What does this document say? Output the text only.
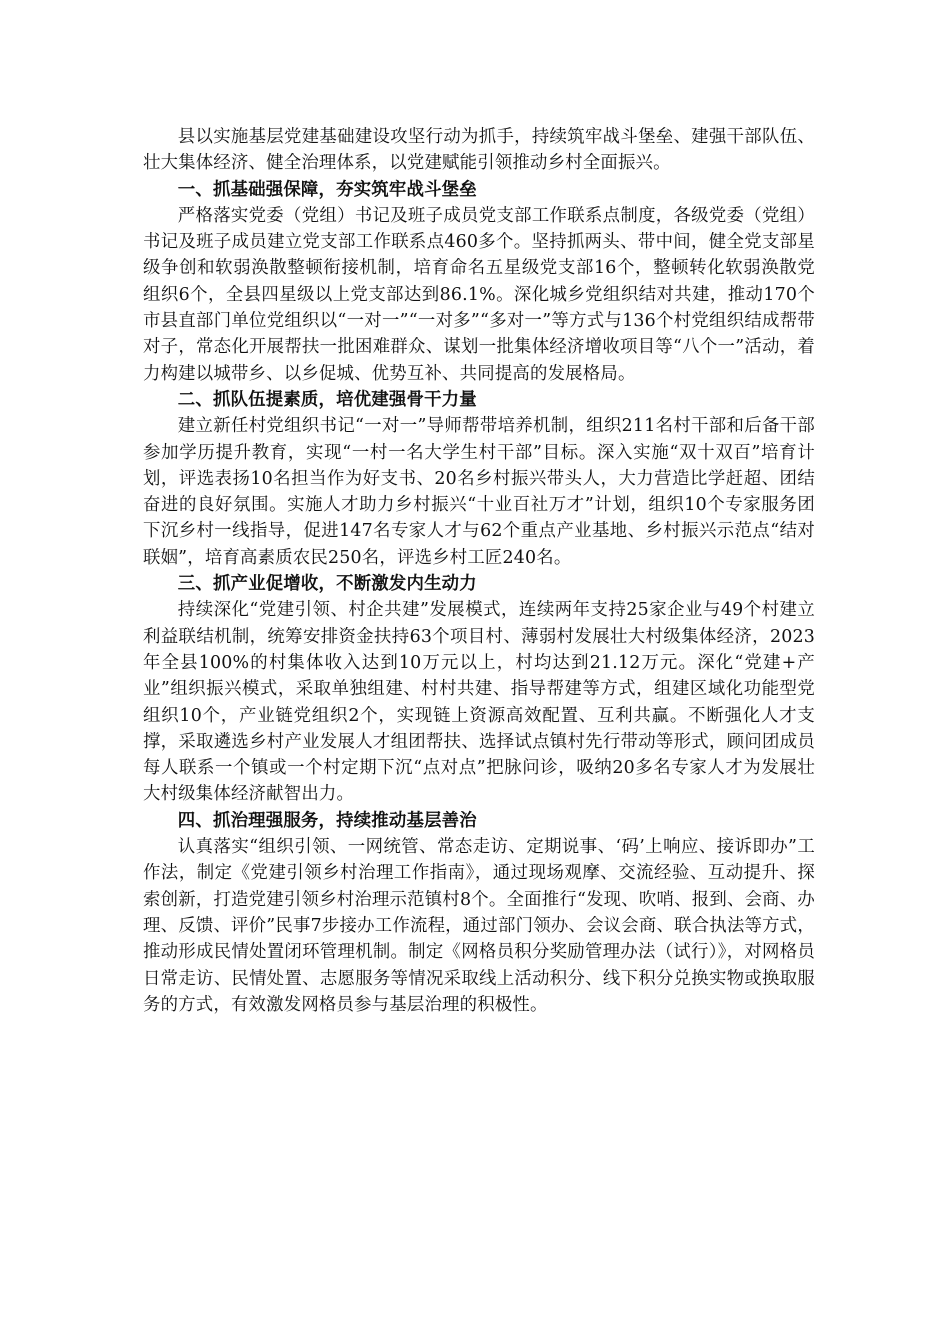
县以实施基层党建基础建设攻坚行动为抓手，持续筑牢战斗堡垒、建强干部队伍、壮大集体经济、健全治理体系，以党建赋能引领推动乡村全面振兴。

一、抓基础强保障，夯实筑牢战斗堡垒

严格落实党委（党组）书记及班子成员党支部工作联系点制度，各级党委（党组）书记及班子成员建立党支部工作联系点460多个。坚持抓两头、带中间，健全党支部星级争创和软弱涣散整顿衔接机制，培育命名五星级党支部16个，整顿转化软弱涣散党组织6个，全县四星级以上党支部达到86.1%。深化城乡党组织结对共建，推动170个市县直部门单位党组织以“一对一”“一对多”“多对一”等方式与136个村党组织结成帮带对子，常态化开展帮扶一批困难群众、谋划一批集体经济增收项目等“八个一”活动，着力构建以城带乡、以乡促城、优势互补、共同提高的发展格局。

二、抓队伍提素质，培优建强骨干力量

建立新任村党组织书记“一对一”导师帮带培养机制，组织211名村干部和后备干部参加学历提升教育，实现“一村一名大学生村干部”目标。深入实施“双十双百”培育计划，评选表扬10名担当作为好支书、20名乡村振兴带头人，大力营造比学赶超、团结奋进的良好氛围。实施人才助力乡村振兴“十业百社万才”计划，组织10个专家服务团下沉乡村一线指导，促进147名专家人才与62个重点产业基地、乡村振兴示范点“结对联姻”，培育高素质农民250名，评选乡村工匠240名。

三、抓产业促增收，不断激发内生动力

持续深化“党建引领、村企共建”发展模式，连续两年支持25家企业与49个村建立利益联结机制，统筹安排资金扶持63个项目村、薄弱村发展壮大村级集体经济，2023年全县100%的村集体收入达到10万元以上，村均达到21.12万元。深化“党建+产业”组织振兴模式，采取单独组建、村村共建、指导帮建等方式，组建区域化功能型党组织10个，产业链党组织2个，实现链上资源高效配置、互利共赢。不断强化人才支撑，采取遴选乡村产业发展人才组团帮扶、选择试点镇村先行带动等形式，顾问团成员每人联系一个镇或一个村定期下沉“点对点”把脉问诊，吸纳20多名专家人才为发展壮大村级集体经济献智出力。

四、抓治理强服务，持续推动基层善治

认真落实“组织引领、一网统管、常态走访、定期说事、‘码’上响应、接诉即办”工作法，制定《党建引领乡村治理工作指南》，通过现场观摩、交流经验、互动提升、探索创新，打造党建引领乡村治理示范镇村8个。全面推行“发现、吹哨、报到、会商、办理、反馈、评价”民事7步接办工作流程，通过部门领办、会议会商、联合执法等方式，推动形成民情处置闭环管理机制。制定《网格员积分奖励管理办法（试行）》，对网格员日常走访、民情处置、志愿服务等情况采取线上活动积分、线下积分兑换实物或换取服务的方式，有效激发网格员参与基层治理的积极性。
